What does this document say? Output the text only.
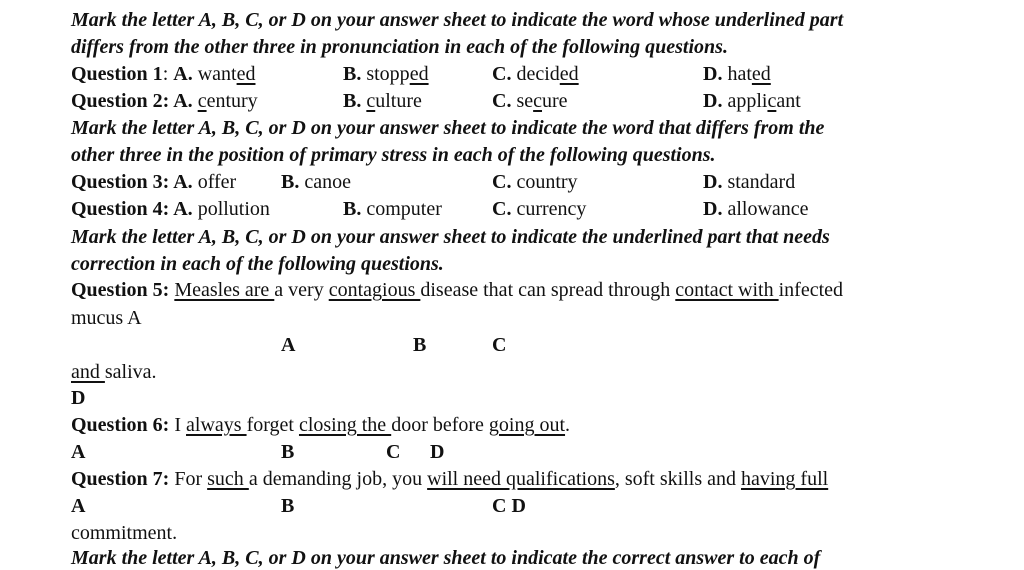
Mark the letter A, B, C, or D on your answer sheet to indicate the word whose underlined part
differs from the other three in pronunciation in each of the following questions.
Question 1: A. wanted	B. stopped	C. decided	D. hated
Question 2: A. century	B. culture	C. secure	D. applicant
Mark the letter A, B, C, or D on your answer sheet to indicate the word that differs from the
other three in the position of primary stress in each of the following questions.
Question 3: A. offer B. canoe	C. country	D. standard
Question 4: A. pollution	B. computer	C. currency	D. allowance
Mark the letter A, B, C, or D on your answer sheet to indicate the underlined part that needs
correction in each of the following questions.
Question 5: Measles are a very contagious disease that can spread through contact with infected
mucus A
A	B	C
and saliva.
D
Question 6: I always forget closing the door before going out.
A	B	C D
Question 7: For such a demanding job, you will need qualifications, soft skills and having full
A	B	C D
commitment.
Mark the letter A, B, C, or D on your answer sheet to indicate the correct answer to each of
